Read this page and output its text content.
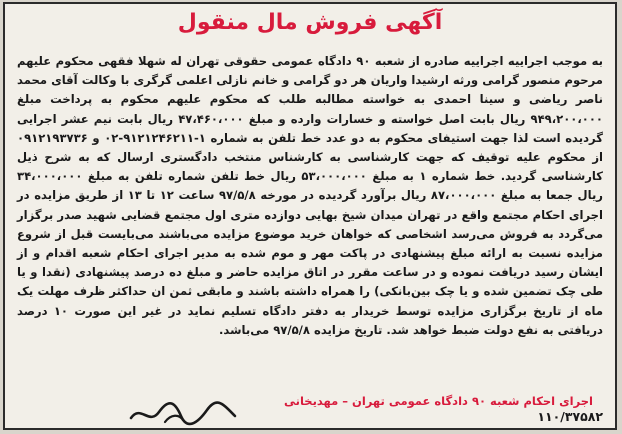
آگهی فروش مال منقول
به موجب اجراییه اجراییه صادره از شعبه ۹۰ دادگاه عمومی حقوقی تهران له شهلا فقهی محکوم علیهم مرحوم منصور گرامی ورثه ارشیدا واریان هر دو گرامی و خانم نازلی اعلمی گرگری با وکالت آقای محمد ناصر ریاضی و سینا احمدی به خواسته مطالبه طلب که محکوم علیهم محکوم به پرداخت مبلغ ۹۴۹،۲۰۰،۰۰۰ ریال بابت اصل خواسته و خسارات وارده و مبلغ ۴۷،۴۶۰،۰۰۰ ریال بابت نیم عشر اجرایی گردیده است لذا جهت استیفای محکوم به دو عدد خط تلفن به شماره ۱-۹۱۲۱۲۴۶۲۱۱-۰۲ و ۰۹۱۲۱۹۳۷۳۶ از محکوم علیه توقیف که جهت کارشناسی به کارشناس منتخب دادگستری ارسال که به شرح ذیل کارشناسی گردید. خط شماره ۱ به مبلغ ۵۳،۰۰۰،۰۰۰ ریال خط تلفن شماره تلفن به مبلغ ۳۴،۰۰۰،۰۰۰ ریال جمعا به مبلغ ۸۷،۰۰۰،۰۰۰ ریال برآورد گردیده در مورخه ۹۷/۵/۸ ساعت ۱۲ تا ۱۳ از طریق مزایده در اجرای احکام مجتمع واقع در تهران میدان شیخ بهایی دوازده متری اول مجتمع قضایی شهید صدر برگزار می‌گردد به فروش می‌رسد اشخاصی که خواهان خرید موضوع مزایده می‌باشند می‌بایست قبل از شروع مزایده نسبت به ارائه مبلغ پیشنهادی در پاکت مهر و موم شده به مدیر اجرای احکام شعبه اقدام و از ایشان رسید دریافت نموده و در ساعت مقرر در اتاق مزایده حاضر و مبلغ ده درصد پیشنهادی (نقدا و یا طی چک تضمین شده و یا چک بین‌بانکی) را همراه داشته باشند و مابقی ثمن ان حداکثر ظرف مهلت یک ماه از تاریخ برگزاری مزایده توسط خریدار به دفتر دادگاه تسلیم نماید در غیر این صورت ۱۰ درصد دریافتی به نفع دولت ضبط خواهد شد. تاریخ مزایده ۹۷/۵/۸ می‌باشد.
اجرای احکام شعبه ۹۰ دادگاه عمومی تهران – مهدیخانی
۱۱۰/۳۷۵۸۲
